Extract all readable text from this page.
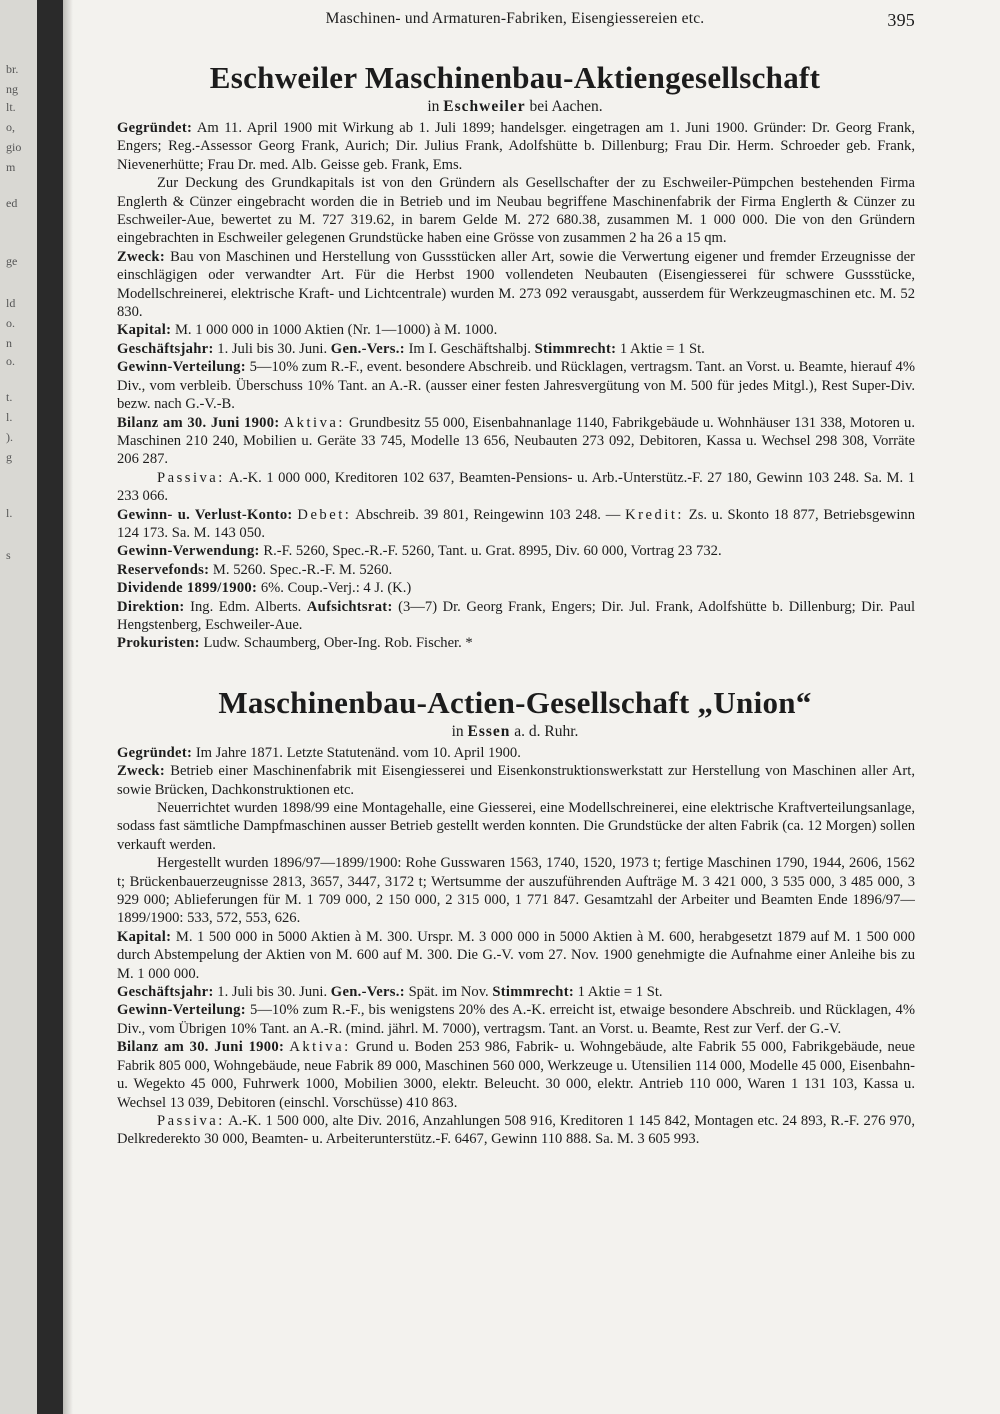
br.
ng
lt.
o,
gio
m
ed
ge
ld
o.
n
o.
t.
l.
).
g
l.
s
Maschinen- und Armaturen-Fabriken, Eisengiessereien etc.	395
Eschweiler Maschinenbau-Aktiengesellschaft
in Eschweiler bei Aachen.

Gegründet: Am 11. April 1900 mit Wirkung ab 1. Juli 1899; handelsger. eingetragen am 1. Juni 1900. Gründer: Dr. Georg Frank, Engers; Reg.-Assessor Georg Frank, Aurich; Dir. Julius Frank, Adolfshütte b. Dillenburg; Frau Dir. Herm. Schroeder geb. Frank, Nievenerhütte; Frau Dr. med. Alb. Geisse geb. Frank, Ems.

Zur Deckung des Grundkapitals ist von den Gründern als Gesellschafter der zu Eschweiler-Pümpchen bestehenden Firma Englerth & Cünzer eingebracht worden die in Betrieb und im Neubau begriffene Maschinenfabrik der Firma Englerth & Cünzer zu Eschweiler-Aue, bewertet zu M. 727 319.62, in barem Gelde M. 272 680.38, zusammen M. 1 000 000. Die von den Gründern eingebrachten in Eschweiler gelegenen Grundstücke haben eine Grösse von zusammen 2 ha 26 a 15 qm.

Zweck: Bau von Maschinen und Herstellung von Gussstücken aller Art, sowie die Verwertung eigener und fremder Erzeugnisse der einschlägigen oder verwandter Art. Für die Herbst 1900 vollendeten Neubauten (Eisengiesserei für schwere Gussstücke, Modellschreinerei, elektrische Kraft- und Lichtcentrale) wurden M. 273 092 verausgabt, ausserdem für Werkzeugmaschinen etc. M. 52 830.

Kapital: M. 1 000 000 in 1000 Aktien (Nr. 1—1000) à M. 1000.

Geschäftsjahr: 1. Juli bis 30. Juni. Gen.-Vers.: Im I. Geschäftshalbj. Stimmrecht: 1 Aktie = 1 St.

Gewinn-Verteilung: 5—10% zum R.-F., event. besondere Abschreib. und Rücklagen, vertragsm. Tant. an Vorst. u. Beamte, hierauf 4% Div., vom verbleib. Überschuss 10% Tant. an A.-R. (ausser einer festen Jahresvergütung von M. 500 für jedes Mitgl.), Rest Super-Div. bezw. nach G.-V.-B.

Bilanz am 30. Juni 1900: Aktiva: Grundbesitz 55 000, Eisenbahnanlage 1140, Fabrikgebäude u. Wohnhäuser 131 338, Motoren u. Maschinen 210 240, Mobilien u. Geräte 33 745, Modelle 13 656, Neubauten 273 092, Debitoren, Kassa u. Wechsel 298 308, Vorräte 206 287.

Passiva: A.-K. 1 000 000, Kreditoren 102 637, Beamten-Pensions- u. Arb.-Unterstütz.-F. 27 180, Gewinn 103 248. Sa. M. 1 233 066.

Gewinn- u. Verlust-Konto: Debet: Abschreib. 39 801, Reingewinn 103 248. — Kredit: Zs. u. Skonto 18 877, Betriebsgewinn 124 173. Sa. M. 143 050.

Gewinn-Verwendung: R.-F. 5260, Spec.-R.-F. 5260, Tant. u. Grat. 8995, Div. 60 000, Vortrag 23 732.

Reservefonds: M. 5260. Spec.-R.-F. M. 5260.

Dividende 1899/1900: 6%. Coup.-Verj.: 4 J. (K.)

Direktion: Ing. Edm. Alberts. Aufsichtsrat: (3—7) Dr. Georg Frank, Engers; Dir. Jul. Frank, Adolfshütte b. Dillenburg; Dir. Paul Hengstenberg, Eschweiler-Aue.

Prokuristen: Ludw. Schaumberg, Ober-Ing. Rob. Fischer. *

Maschinenbau-Actien-Gesellschaft „Union“
in Essen a. d. Ruhr.

Gegründet: Im Jahre 1871. Letzte Statutenänd. vom 10. April 1900.

Zweck: Betrieb einer Maschinenfabrik mit Eisengiesserei und Eisenkonstruktionswerkstatt zur Herstellung von Maschinen aller Art, sowie Brücken, Dachkonstruktionen etc.

Neuerrichtet wurden 1898/99 eine Montagehalle, eine Giesserei, eine Modellschreinerei, eine elektrische Kraftverteilungsanlage, sodass fast sämtliche Dampfmaschinen ausser Betrieb gestellt werden konnten. Die Grundstücke der alten Fabrik (ca. 12 Morgen) sollen verkauft werden.

Hergestellt wurden 1896/97—1899/1900: Rohe Gusswaren 1563, 1740, 1520, 1973 t; fertige Maschinen 1790, 1944, 2606, 1562 t; Brückenbauerzeugnisse 2813, 3657, 3447, 3172 t; Wertsumme der auszuführenden Aufträge M. 3 421 000, 3 535 000, 3 485 000, 3 929 000; Ablieferungen für M. 1 709 000, 2 150 000, 2 315 000, 1 771 847. Gesamtzahl der Arbeiter und Beamten Ende 1896/97—1899/1900: 533, 572, 553, 626.

Kapital: M. 1 500 000 in 5000 Aktien à M. 300. Urspr. M. 3 000 000 in 5000 Aktien à M. 600, herabgesetzt 1879 auf M. 1 500 000 durch Abstempelung der Aktien von M. 600 auf M. 300. Die G.-V. vom 27. Nov. 1900 genehmigte die Aufnahme einer Anleihe bis zu M. 1 000 000.

Geschäftsjahr: 1. Juli bis 30. Juni. Gen.-Vers.: Spät. im Nov. Stimmrecht: 1 Aktie = 1 St.

Gewinn-Verteilung: 5—10% zum R.-F., bis wenigstens 20% des A.-K. erreicht ist, etwaige besondere Abschreib. und Rücklagen, 4% Div., vom Übrigen 10% Tant. an A.-R. (mind. jährl. M. 7000), vertragsm. Tant. an Vorst. u. Beamte, Rest zur Verf. der G.-V.

Bilanz am 30. Juni 1900: Aktiva: Grund u. Boden 253 986, Fabrik- u. Wohngebäude, alte Fabrik 55 000, Fabrikgebäude, neue Fabrik 805 000, Wohngebäude, neue Fabrik 89 000, Maschinen 560 000, Werkzeuge u. Utensilien 114 000, Modelle 45 000, Eisenbahn- u. Wegekto 45 000, Fuhrwerk 1000, Mobilien 3000, elektr. Beleucht. 30 000, elektr. Antrieb 110 000, Waren 1 131 103, Kassa u. Wechsel 13 039, Debitoren (einschl. Vorschüsse) 410 863.

Passiva: A.-K. 1 500 000, alte Div. 2016, Anzahlungen 508 916, Kreditoren 1 145 842, Montagen etc. 24 893, R.-F. 276 970, Delkrederekto 30 000, Beamten- u. Arbeiterunterstütz.-F. 6467, Gewinn 110 888. Sa. M. 3 605 993.
